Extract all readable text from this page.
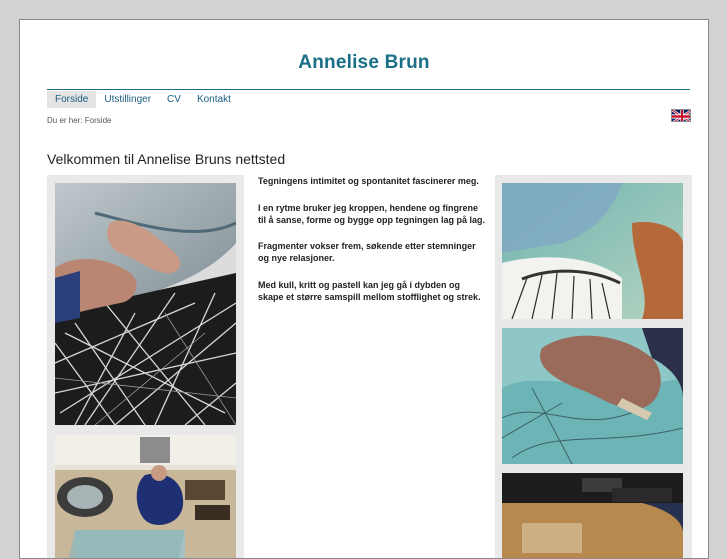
Annelise Brun
Forside	Utstillinger	CV	Kontakt
Du er her: Forside
Velkommen til Annelise Bruns nettsted

Tegningens intimitet og spontanitet fascinerer meg.

I en rytme bruker jeg kroppen, hendene og fingrene til å sanse, forme og bygge opp tegningen lag på lag.

Fragmenter vokser frem, søkende etter stemninger og nye relasjoner.

Med kull, kritt og pastell kan jeg gå i dybden og skape et større samspill mellom stofflighet og strek.
